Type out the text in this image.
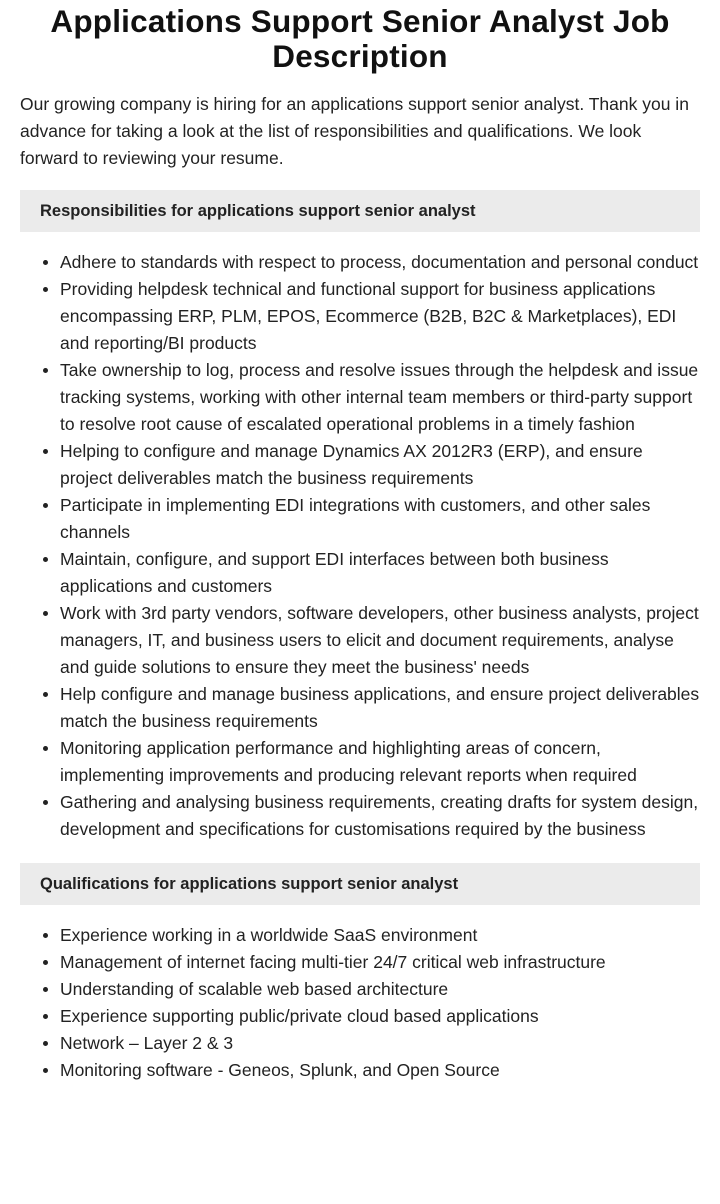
Applications Support Senior Analyst Job Description

Our growing company is hiring for an applications support senior analyst. Thank you in advance for taking a look at the list of responsibilities and qualifications. We look forward to reviewing your resume.

Responsibilities for applications support senior analyst
Adhere to standards with respect to process, documentation and personal conduct
Providing helpdesk technical and functional support for business applications encompassing ERP, PLM, EPOS, Ecommerce (B2B, B2C & Marketplaces), EDI and reporting/BI products
Take ownership to log, process and resolve issues through the helpdesk and issue tracking systems, working with other internal team members or third-party support to resolve root cause of escalated operational problems in a timely fashion
Helping to configure and manage Dynamics AX 2012R3 (ERP), and ensure project deliverables match the business requirements
Participate in implementing EDI integrations with customers, and other sales channels
Maintain, configure, and support EDI interfaces between both business applications and customers
Work with 3rd party vendors, software developers, other business analysts, project managers, IT, and business users to elicit and document requirements, analyse and guide solutions to ensure they meet the business' needs
Help configure and manage business applications, and ensure project deliverables match the business requirements
Monitoring application performance and highlighting areas of concern, implementing improvements and producing relevant reports when required
Gathering and analysing business requirements, creating drafts for system design, development and specifications for customisations required by the business
Qualifications for applications support senior analyst
Experience working in a worldwide SaaS environment
Management of internet facing multi-tier 24/7 critical web infrastructure
Understanding of scalable web based architecture
Experience supporting public/private cloud based applications
Network – Layer 2 & 3
Monitoring software - Geneos, Splunk, and Open Source
